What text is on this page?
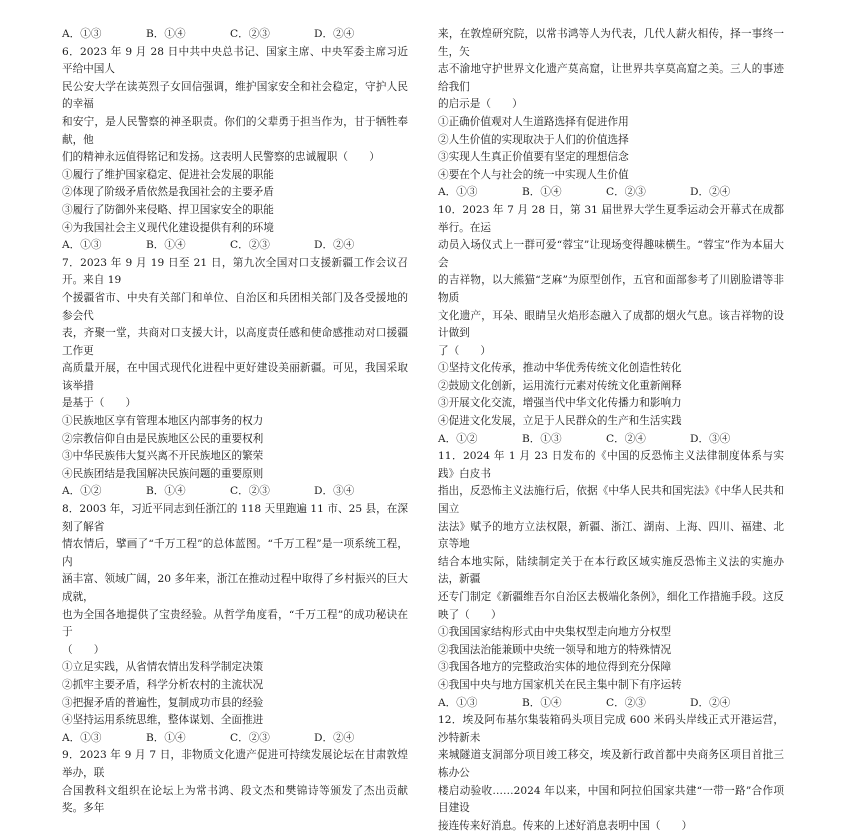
A．①③	B．①④	C．②③	D．②④

6．2023 年 9 月 28 日中共中央总书记、国家主席、中央军委主席习近平给中国人

民公安大学在读英烈子女回信强调，维护国家安全和社会稳定，守护人民的幸福

和安宁，是人民警察的神圣职责。你们的父辈勇于担当作为，甘于牺牲奉献，他

们的精神永远值得铭记和发扬。这表明人民警察的忠诚履职（　　）

①履行了维护国家稳定、促进社会发展的职能

②体现了阶级矛盾依然是我国社会的主要矛盾

③履行了防御外来侵略、捍卫国家安全的职能

④为我国社会主义现代化建设提供有利的环境

A．①③	B．①④	C．②③	D．②④

7．2023 年 9 月 19 日至 21 日，第九次全国对口支援新疆工作会议召开。来自 19

个援疆省市、中央有关部门和单位、自治区和兵团相关部门及各受援地的参会代

表，齐聚一堂，共商对口支援大计，以高度责任感和使命感推动对口援疆工作更

高质量开展，在中国式现代化进程中更好建设美丽新疆。可见，我国采取该举措

是基于（　　）

①民族地区享有管理本地区内部事务的权力

②宗教信仰自由是民族地区公民的重要权利

③中华民族伟大复兴离不开民族地区的繁荣

④民族团结是我国解决民族问题的重要原则

A．①②	B．①④	C．②③	D．③④

8．2003 年，习近平同志到任浙江的 118 天里跑遍 11 市、25 县，在深刻了解省

情农情后，擘画了“千万工程”的总体蓝图。“千万工程”是一项系统工程，内

涵丰富、领域广阔，20 多年来，浙江在推动过程中取得了乡村振兴的巨大成就，

也为全国各地提供了宝贵经验。从哲学角度看，“千万工程”的成功秘诀在于

（　　）

①立足实践，从省情农情出发科学制定决策

②抓牢主要矛盾，科学分析农村的主流状况

③把握矛盾的普遍性，复制成功市县的经验

④坚持运用系统思维，整体谋划、全面推进

A．①③	B．①④	C．②③	D．②④

9．2023 年 9 月 7 日，非物质文化遗产促进可持续发展论坛在甘肃敦煌举办，联

合国教科文组织在论坛上为常书鸿、段文杰和樊锦诗等颁发了杰出贡献奖。多年

来，在敦煌研究院，以常书鸿等人为代表，几代人薪火相传，择一事终一生，矢

志不渝地守护世界文化遗产莫高窟，让世界共享莫高窟之美。三人的事迹给我们

的启示是（　　）

①正确价值观对人生道路选择有促进作用

②人生价值的实现取决于人们的价值选择

③实现人生真正价值要有坚定的理想信念

④要在个人与社会的统一中实现人生价值

A．①③	B．①④	C．②③	D．②④

10．2023 年 7 月 28 日，第 31 届世界大学生夏季运动会开幕式在成都举行。在运

动员入场仪式上一群可爱“蓉宝”让现场变得趣味横生。“蓉宝”作为本届大会

的吉祥物，以大熊猫“芝麻”为原型创作，五官和面部参考了川剧脸谱等非物质

文化遗产，耳朵、眼睛呈火焰形态融入了成都的烟火气息。该吉祥物的设计做到

了（　　）

①坚持文化传承，推动中华优秀传统文化创造性转化

②鼓励文化创新，运用流行元素对传统文化重新阐释

③开展文化交流，增强当代中华文化传播力和影响力

④促进文化发展，立足于人民群众的生产和生活实践

A．①②	B．①③	C．②④	D．③④

11．2024 年 1 月 23 日发布的《中国的反恐怖主义法律制度体系与实践》白皮书

指出，反恐怖主义法施行后，依据《中华人民共和国宪法》《中华人民共和国立

法法》赋予的地方立法权限，新疆、浙江、湖南、上海、四川、福建、北京等地

结合本地实际，陆续制定关于在本行政区域实施反恐怖主义法的实施办法，新疆

还专门制定《新疆维吾尔自治区去极端化条例》，细化工作措施手段。这反映了（　　）

①我国国家结构形式由中央集权型走向地方分权型

②我国法治能兼顾中央统一领导和地方的特殊情况

③我国各地方的完整政治实体的地位得到充分保障

④我国中央与地方国家机关在民主集中制下有序运转

A．①③	B．①④	C．②③	D．②④

12．埃及阿布基尔集装箱码头项目完成 600 米码头岸线正式开港运营，沙特新未

来城隧道支洞部分项目竣工移交，埃及新行政首都中央商务区项目首批三栋办公

楼启动验收……2024 年以来，中国和阿拉伯国家共建“一带一路”合作项目建设

接连传来好消息。传来的上述好消息表明中国（　　）
